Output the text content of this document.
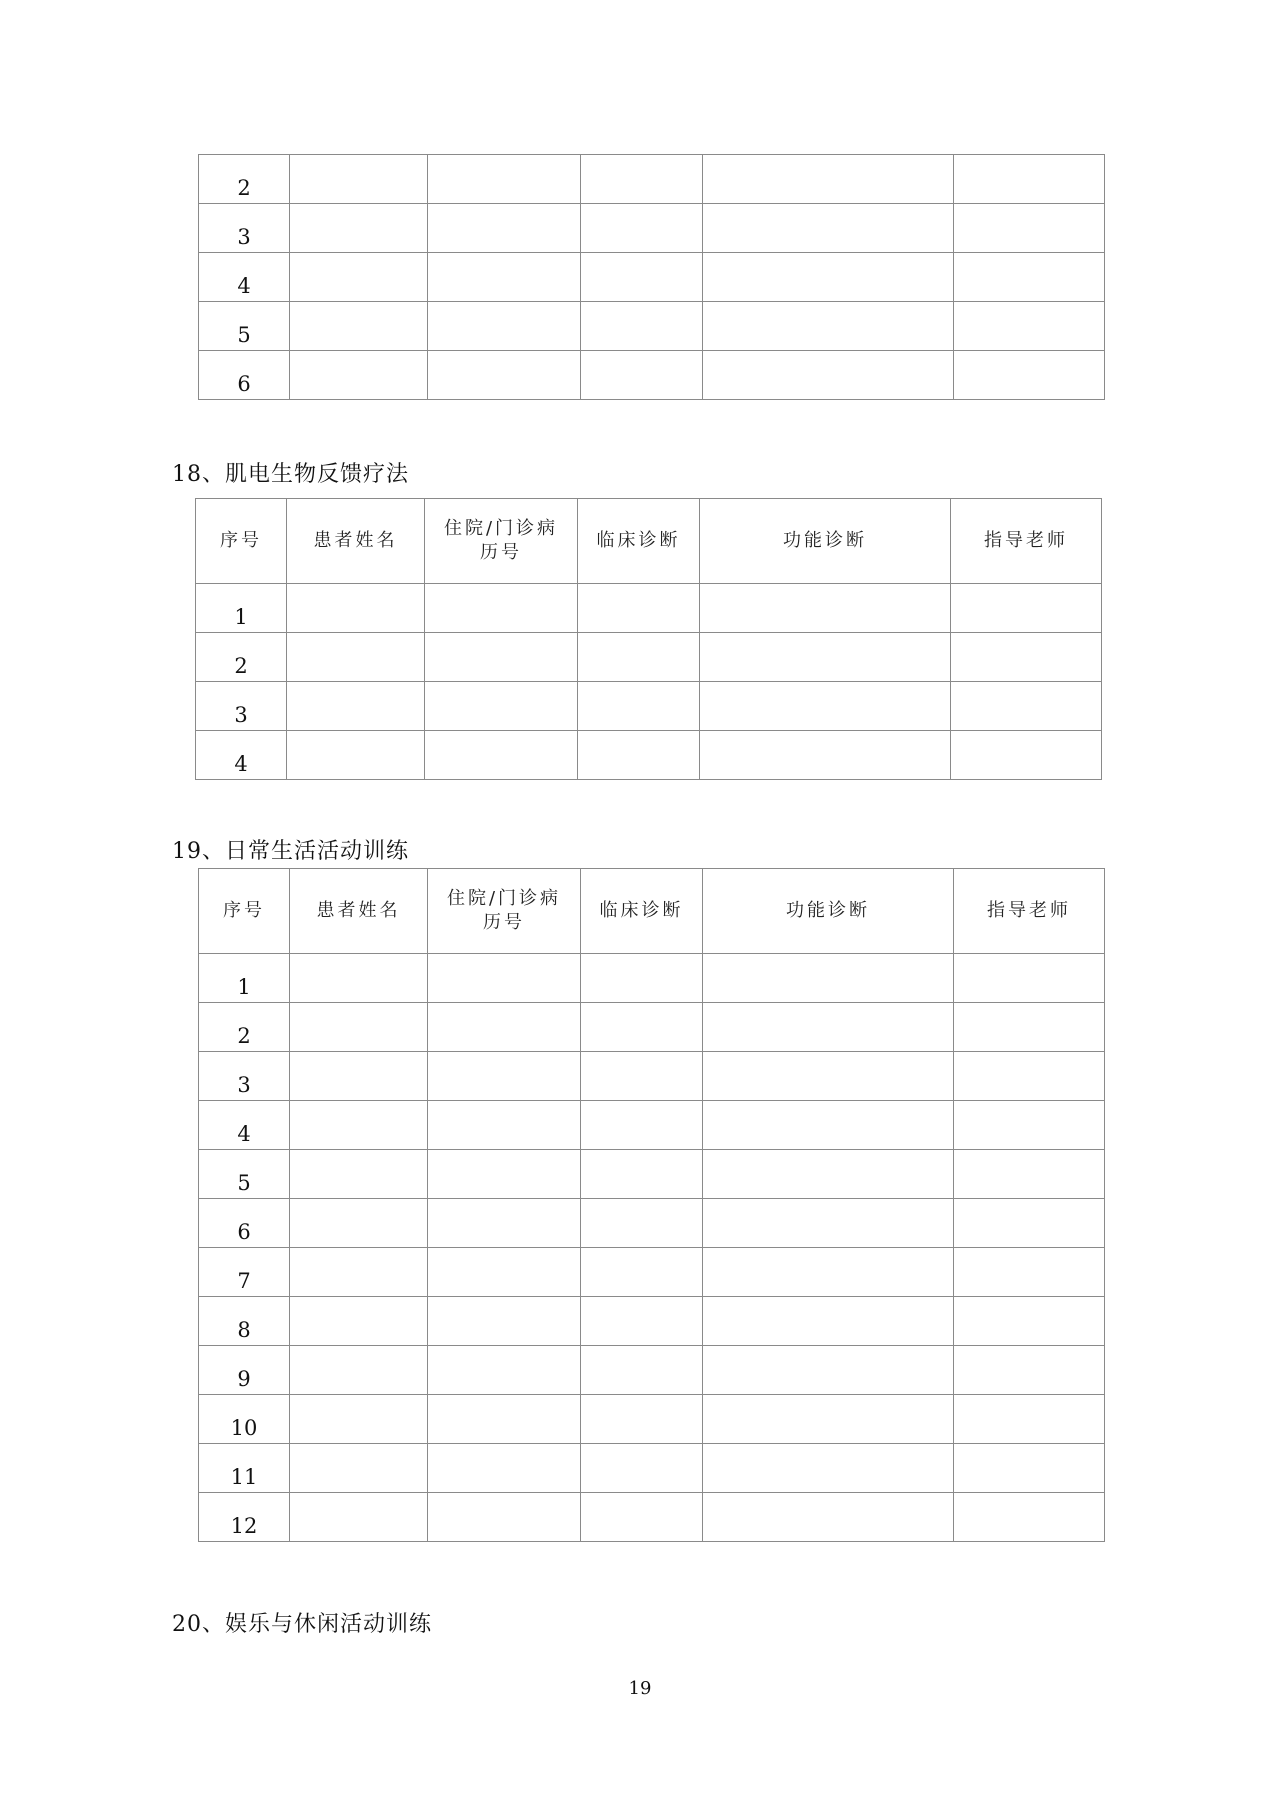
2					
3					
4					
5					
6					
18、肌电生物反馈疗法
序号	患者姓名	住院/门诊病历号	临床诊断	功能诊断	指导老师
1					
2					
3					
4					
19、日常生活活动训练
序号	患者姓名	住院/门诊病历号	临床诊断	功能诊断	指导老师
1					
2					
3					
4					
5					
6					
7					
8					
9					
10					
11					
12					
20、娱乐与休闲活动训练
19
